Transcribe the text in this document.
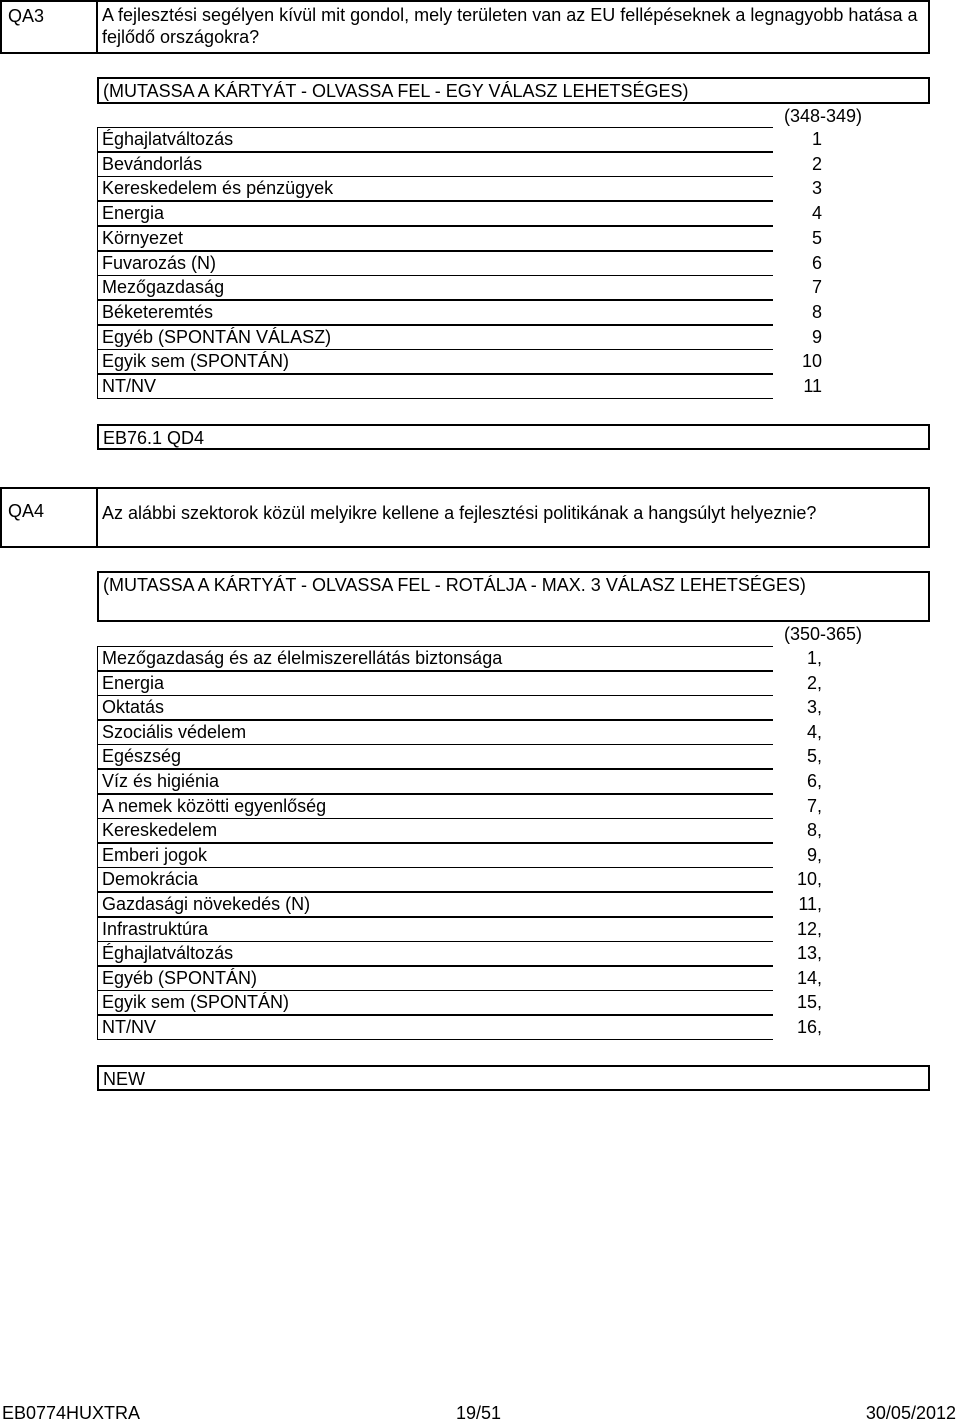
QA3	A fejlesztési segélyen kívül mit gondol, mely területen van az EU fellépéseknek a legnagyobb hatása a fejlődő országokra?
(MUTASSA A KÁRTYÁT - OLVASSA FEL - EGY VÁLASZ LEHETSÉGES)
(348-349)
Éghajlatváltozás	1
Bevándorlás	2
Kereskedelem és pénzügyek	3
Energia	4
Környezet	5
Fuvarozás (N)	6
Mezőgazdaság	7
Béketeremtés	8
Egyéb (SPONTÁN VÁLASZ)	9
Egyik sem (SPONTÁN)	10
NT/NV	11
EB76.1 QD4
QA4	Az alábbi szektorok közül melyikre kellene a fejlesztési politikának a hangsúlyt helyeznie?
(MUTASSA A KÁRTYÁT - OLVASSA FEL - ROTÁLJA - MAX. 3 VÁLASZ LEHETSÉGES)
(350-365)
Mezőgazdaság és az élelmiszerellátás biztonsága	1,
Energia	2,
Oktatás	3,
Szociális védelem	4,
Egészség	5,
Víz és higiénia	6,
A nemek közötti egyenlőség	7,
Kereskedelem	8,
Emberi jogok	9,
Demokrácia	10,
Gazdasági növekedés (N)	11,
Infrastruktúra	12,
Éghajlatváltozás	13,
Egyéb (SPONTÁN)	14,
Egyik sem (SPONTÁN)	15,
NT/NV	16,
NEW
EB0774HUXTRA	19/51	30/05/2012
